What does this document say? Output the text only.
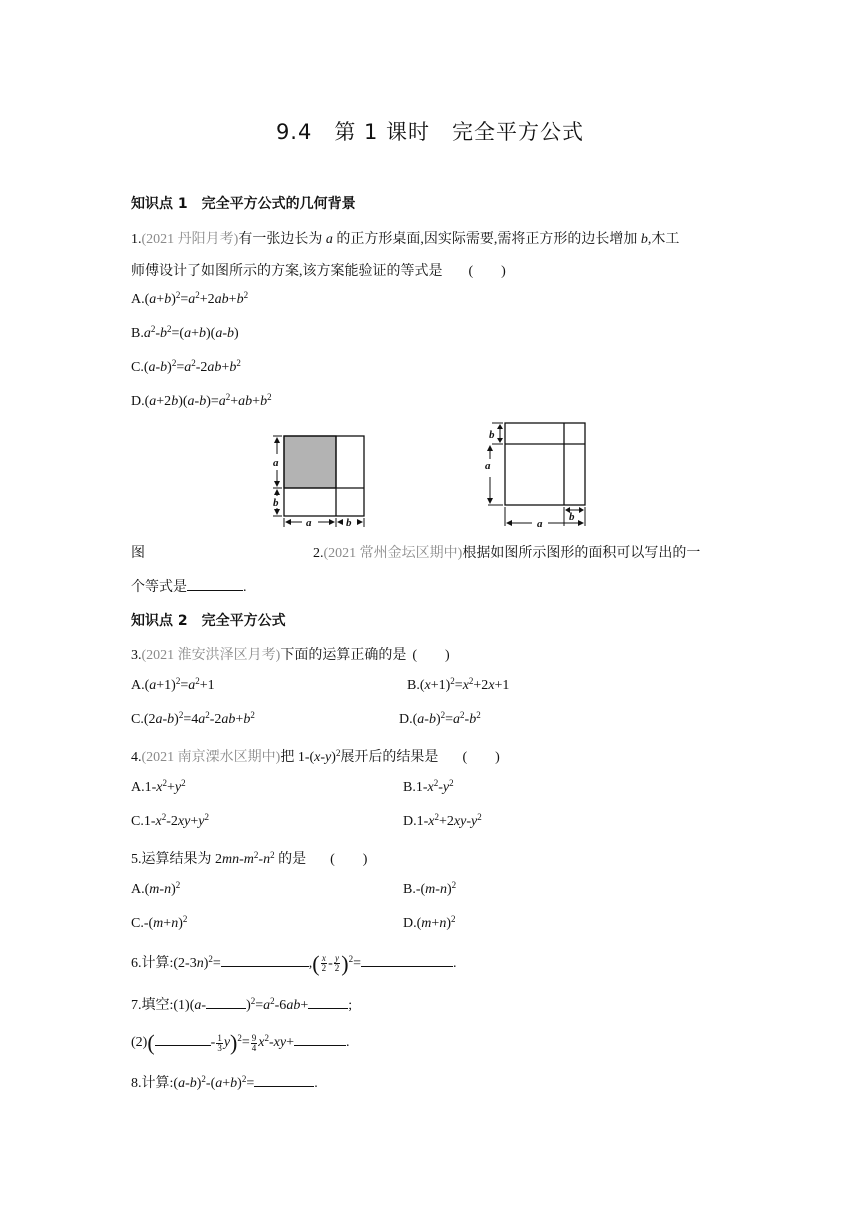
9.4　第 1 课时　完全平方公式
知识点 1　完全平方公式的几何背景
1.(2021 丹阳月考)有一张边长为 a 的正方形桌面,因实际需要,需将正方形的边长增加 b,木工
师傅设计了如图所示的方案,该方案能验证的等式是 (　　)
$A.(a+b)^2=a^2+2ab+b^2$
$B.a^2-b^2=(a+b)(a-b)$
$C.(a-b)^2=a^2-2ab+b^2$
$D.(a+2b)(a-b)=a^2+ab+b^2$
a
b
a	b
b
a
a
b
图	2.(2021 常州金坛区期中)根据如图所示图形的面积可以写出的一
个等式是	.
知识点 2　完全平方公式
3.(2021 淮安洪泽区月考)下面的运算正确的是 (　　)
$A.(a+1)^2=a^2+1$	$B.(x+1)^2=x^2+2x+1$
$C.(2a-b)^2=4a^2-2ab+b^2$	$D.(a-b)^2=a^2-b^2$
4.(2021 南京溧水区期中)把 $1-(x-y)^2$展开后的结果是 (　　)
$A.1-x^2+y^2$	$B.1-x^2-y^2$
$C.1-x^2-2xy+y^2$	$D.1-x^2+2xy-y^2$
5.运算结果为 $2mn-m^2-n^2$ 的是 (　　)
$A.(m-n)^2$	$B.-(m-n)^2$
$C.-(m+n)^2$	$D.(m+n)^2$
6.计算$:(2-3n)^2=$	,( $\frac{x}{2} - \frac{y}{2} )^2=$	.
7.填空:(1)(a-	)$^2=a^2-6ab+$	;
(2)(	- $\frac{1}{3} y)^2= \frac{9}{4} x^2-xy+$	.
8.计算$:(a-b)^2-(a+b)^2=$	.
